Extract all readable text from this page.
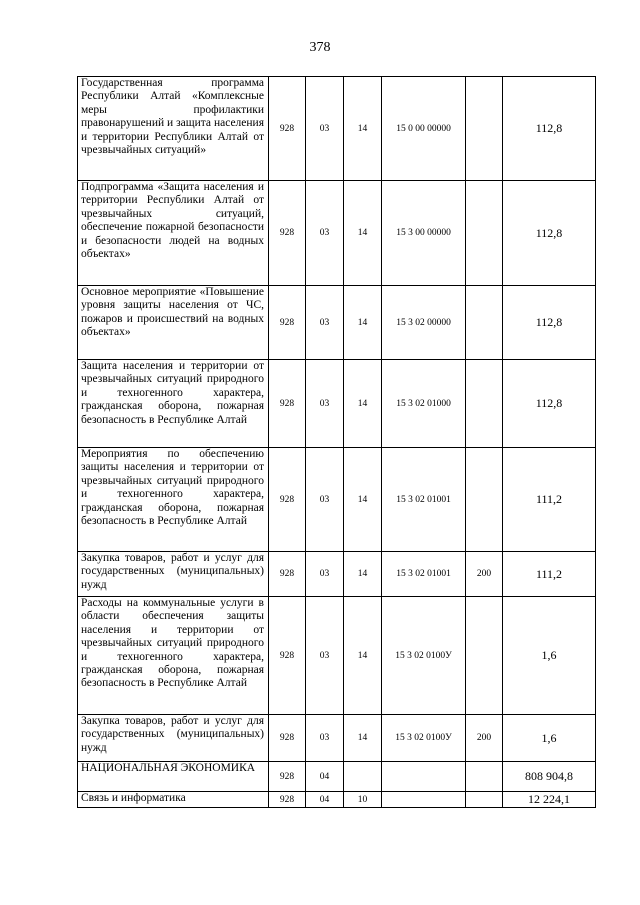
378
Государственная программа Республики Алтай «Комплексные меры профилактики правонарушений и защита населения и территории Республики Алтай от чрезвычайных ситуаций»	928	03	14	15 0 00 00000		112,8
Подпрограмма «Защита населения и территории Республики Алтай от чрезвычайных ситуаций, обеспечение пожарной безопасности и безопасности людей на водных объектах»	928	03	14	15 3 00 00000		112,8
Основное мероприятие «Повышение уровня защиты населения от ЧС, пожаров и происшествий на водных объектах»	928	03	14	15 3 02 00000		112,8
Защита населения и территории от чрезвычайных ситуаций природного и техногенного характера, гражданская оборона, пожарная безопасность в Республике Алтай	928	03	14	15 3 02 01000		112,8
Мероприятия по обеспечению защиты населения и территории от чрезвычайных ситуаций природного и техногенного характера, гражданская оборона, пожарная безопасность в Республике Алтай	928	03	14	15 3 02 01001		111,2
Закупка товаров, работ и услуг для государственных (муниципальных) нужд	928	03	14	15 3 02 01001	200	111,2
Расходы на коммунальные услуги в области обеспечения защиты населения и территории от чрезвычайных ситуаций природного и техногенного характера, гражданская оборона, пожарная безопасность в Республике Алтай	928	03	14	15 3 02 0100У		1,6
Закупка товаров, работ и услуг для государственных (муниципальных) нужд	928	03	14	15 3 02 0100У	200	1,6
НАЦИОНАЛЬНАЯ ЭКОНОМИКА	928	04				808 904,8
Связь и информатика	928	04	10			12 224,1
